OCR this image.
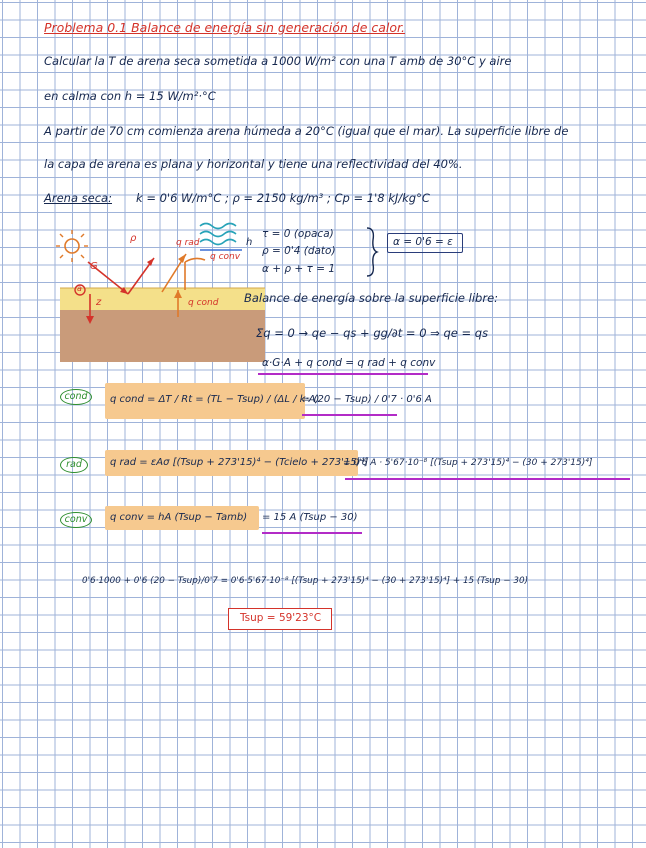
Problema 0.1 Balance de energía sin generación de calor.
Calcular la T de arena seca sometida a 1000 W/m² con una T amb de 30°C y aire
en calma con h = 15 W/m²·°C
A partir de 70 cm comienza arena húmeda a 20°C (igual que el mar). La superficie libre de
la capa de arena es plana y horizontal y tiene una reflectividad del 40%.
Arena seca: k = 0'6 W/m°C ; ρ = 2150 kg/m³ ; Cp = 1'8 kJ/kg°C
G
ρ	q rad	h
q conv
q cond
z
a
τ = 0 (opaca)
ρ = 0'4 (dato)
α + ρ + τ = 1
α = 0'6 = ε
Balance de energía sobre la superficie libre:
Σq = 0 → qe − qs + gg/∂t = 0 ⇒ qe = qs
α·G·A + q cond = q rad + q conv
cond	q cond = ΔT / Rt = (TL − Tsup) / (ΔL / k·A)
= (20 − Tsup) / 0'7 · 0'6 A
rad	q rad = εAσ [(Tsup + 273'15)⁴ − (Tcielo + 273'15)⁴]
= 0'6 A · 5'67·10⁻⁸ [(Tsup + 273'15)⁴ − (30 + 273'15)⁴]
conv	q conv = hA (Tsup − Tamb) = 15 A (Tsup − 30)
0'6·1000 + 0'6 (20 − Tsup)/0'7 = 0'6·5'67·10⁻⁸ [(Tsup + 273'15)⁴ − (30 + 273'15)⁴] + 15 (Tsup − 30)
Tsup = 59'23°C
